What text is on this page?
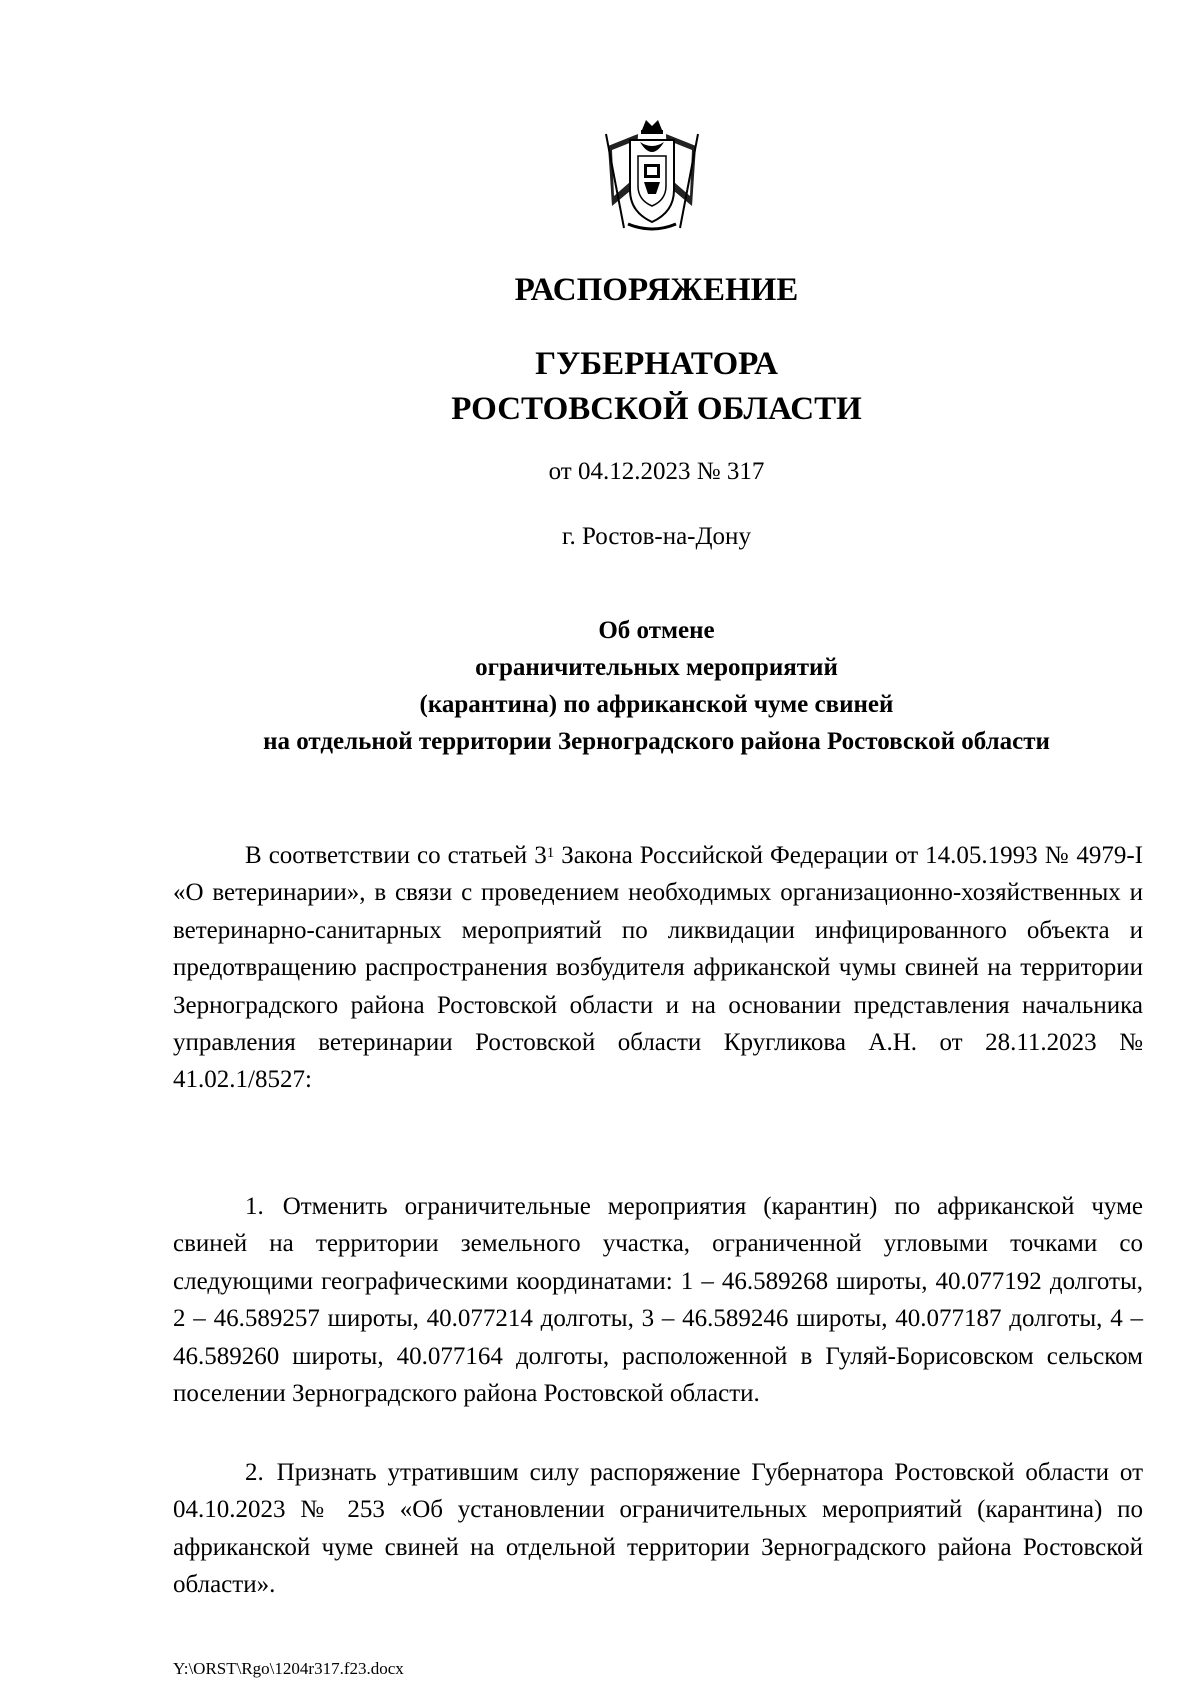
РАСПОРЯЖЕНИЕ
ГУБЕРНАТОРА
РОСТОВСКОЙ ОБЛАСТИ
от 04.12.2023 № 317
г. Ростов-на-Дону
Об отмене
ограничительных мероприятий
(карантина) по африканской чуме свиней
на отдельной территории Зерноградского района Ростовской области

В соответствии со статьей $3^1$ Закона Российской Федерации от 14.05.1993 № 4979-I «О ветеринарии», в связи с проведением необходимых организационно-хозяйственных и ветеринарно-санитарных мероприятий по ликвидации инфицированного объекта и предотвращению распространения возбудителя африканской чумы свиней на территории Зерноградского района Ростовской области и на основании представления начальника управления ветеринарии Ростовской области Кругликова А.Н. от 28.11.2023 № 41.02.1/8527:

1. Отменить ограничительные мероприятия (карантин) по африканской чуме свиней на территории земельного участка, ограниченной угловыми точками со следующими географическими координатами: 1 – 46.589268 широты, 40.077192 долготы, 2 – 46.589257 широты, 40.077214 долготы, 3 – 46.589246 широты, 40.077187 долготы, 4 – 46.589260 широты, 40.077164 долготы, расположенной в Гуляй-Борисовском сельском поселении Зерноградского района Ростовской области.

2. Признать утратившим силу распоряжение Губернатора Ростовской области от 04.10.2023 № 253 «Об установлении ограничительных мероприятий (карантина) по африканской чуме свиней на отдельной территории Зерноградского района Ростовской области».

Y:\ORST\Rgo\1204r317.f23.docx
